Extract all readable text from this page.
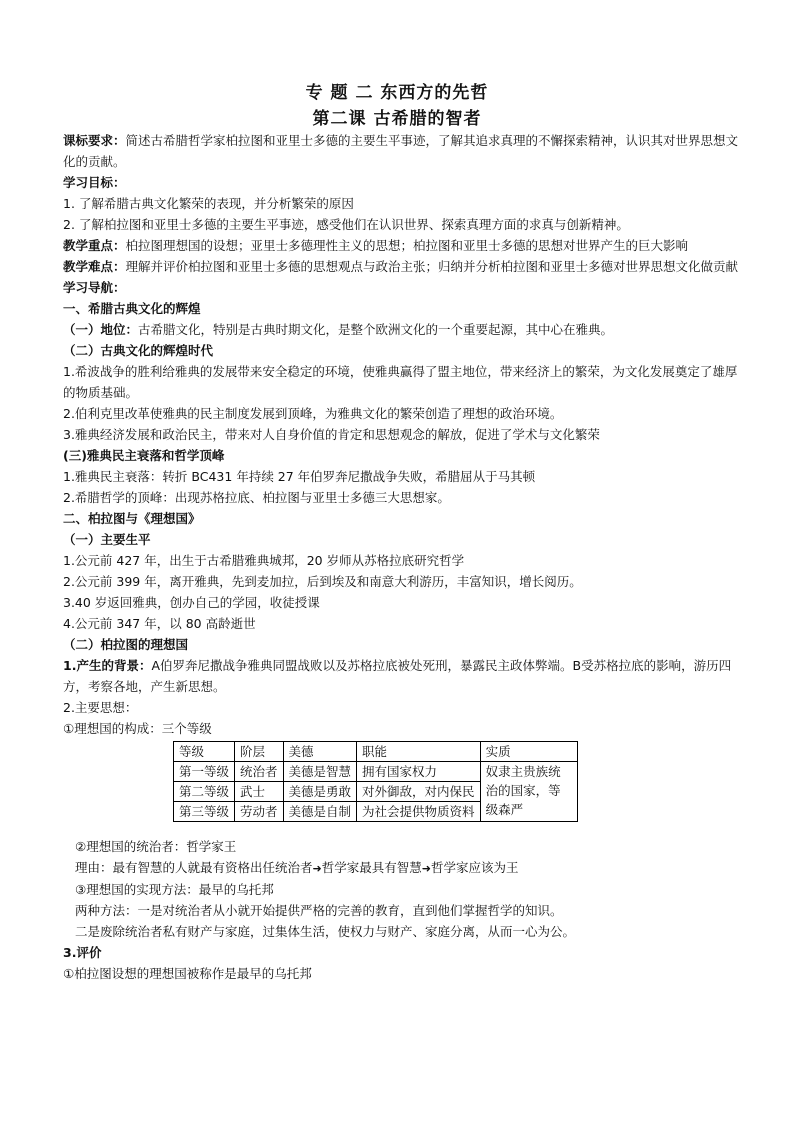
专 题 二 东西方的先哲
第二课 古希腊的智者

课标要求：简述古希腊哲学家柏拉图和亚里士多德的主要生平事迹，了解其追求真理的不懈探索精神，认识其对世界思想文化的贡献。

学习目标：

1. 了解希腊古典文化繁荣的表现，并分析繁荣的原因

2. 了解柏拉图和亚里士多德的主要生平事迹，感受他们在认识世界、探索真理方面的求真与创新精神。

教学重点：柏拉图理想国的设想；亚里士多德理性主义的思想；柏拉图和亚里士多德的思想对世界产生的巨大影响

教学难点：理解并评价柏拉图和亚里士多德的思想观点与政治主张；归纳并分析柏拉图和亚里士多德对世界思想文化做贡献

学习导航：

一、希腊古典文化的辉煌

（一）地位：古希腊文化，特别是古典时期文化，是整个欧洲文化的一个重要起源，其中心在雅典。

（二）古典文化的辉煌时代

1.希波战争的胜利给雅典的发展带来安全稳定的环境，使雅典赢得了盟主地位，带来经济上的繁荣，为文化发展奠定了雄厚的物质基础。

2.伯利克里改革使雅典的民主制度发展到顶峰，为雅典文化的繁荣创造了理想的政治环境。

3.雅典经济发展和政治民主，带来对人自身价值的肯定和思想观念的解放，促进了学术与文化繁荣

(三)雅典民主衰落和哲学顶峰

1.雅典民主衰落：转折 BC431 年持续 27 年伯罗奔尼撒战争失败，希腊屈从于马其顿

2.希腊哲学的顶峰：出现苏格拉底、柏拉图与亚里士多德三大思想家。

二、柏拉图与《理想国》

（一）主要生平

1.公元前 427 年，出生于古希腊雅典城邦，20 岁师从苏格拉底研究哲学

2.公元前 399 年，离开雅典，先到麦加拉，后到埃及和南意大利游历，丰富知识，增长阅历。

3.40 岁返回雅典，创办自己的学园，收徒授课

4.公元前 347 年，以 80 高龄逝世

（二）柏拉图的理想国

1.产生的背景：A伯罗奔尼撒战争雅典同盟战败以及苏格拉底被处死刑，暴露民主政体弊端。B受苏格拉底的影响，游历四方，考察各地，产生新思想。

2.主要思想：

①理想国的构成：三个等级

等级	阶层	美德	职能	实质
第一等级	统治者	美德是智慧	拥有国家权力	奴隶主贵族统治的国家，等级森严
第二等级	武士	美德是勇敢	对外御敌，对内保民	
第三等级	劳动者	美德是自制	为社会提供物质资料	

②理想国的统治者：哲学家王

理由：最有智慧的人就最有资格出任统治者➜哲学家最具有智慧➜哲学家应该为王

③理想国的实现方法：最早的乌托邦

两种方法：一是对统治者从小就开始提供严格的完善的教育，直到他们掌握哲学的知识。

二是废除统治者私有财产与家庭，过集体生活，使权力与财产、家庭分离，从而一心为公。

3.评价

①柏拉图设想的理想国被称作是最早的乌托邦
